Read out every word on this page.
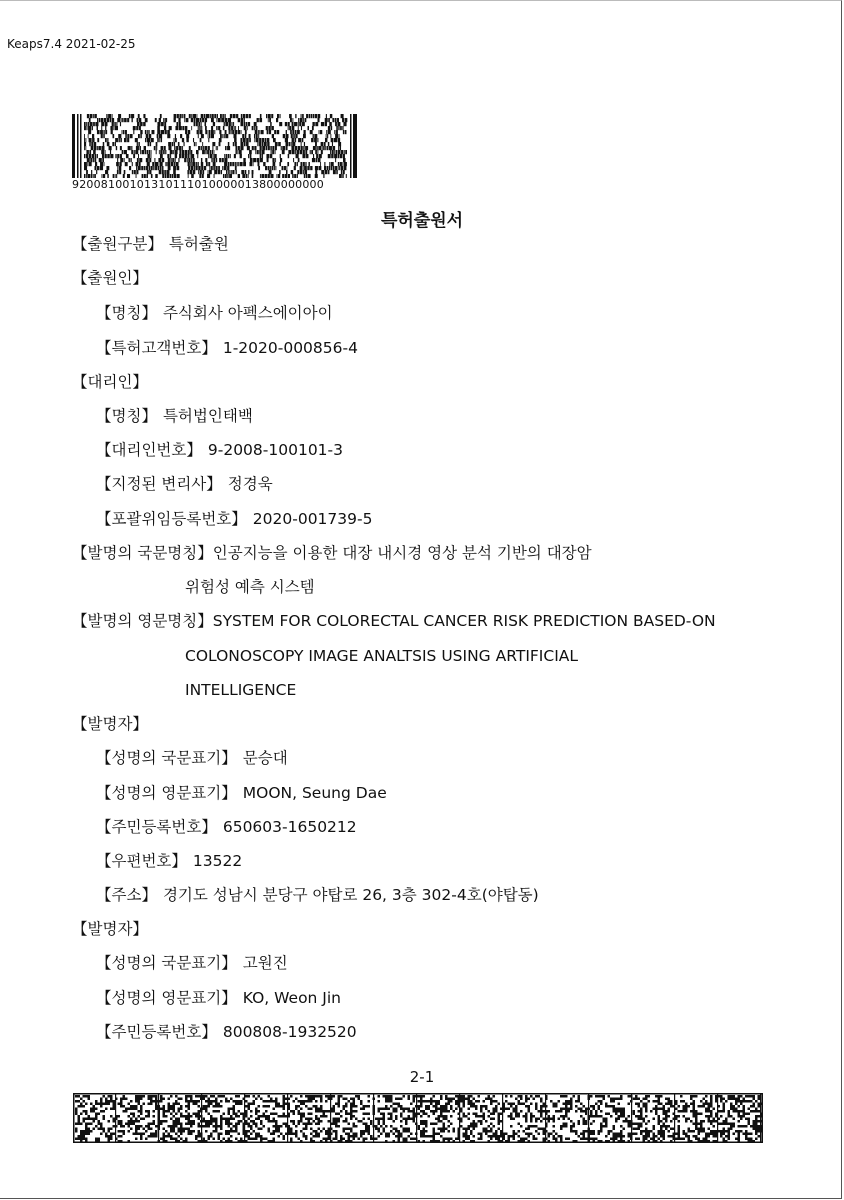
Keaps7.4 2021-02-25
92008100101310111010000013800000000
특허출원서
【출원구분】 특허출원
【출원인】
【명칭】 주식회사 아펙스에이아이
【특허고객번호】 1-2020-000856-4
【대리인】
【명칭】 특허법인태백
【대리인번호】 9-2008-100101-3
【지정된 변리사】 정경욱
【포괄위임등록번호】 2020-001739-5
【발명의 국문명칭】인공지능을 이용한 대장 내시경 영상 분석 기반의 대장암
위험성 예측 시스템
【발명의 영문명칭】SYSTEM FOR COLORECTAL CANCER RISK PREDICTION BASED-ON
COLONOSCOPY IMAGE ANALTSIS USING ARTIFICIAL
INTELLIGENCE
【발명자】
【성명의 국문표기】 문승대
【성명의 영문표기】 MOON, Seung Dae
【주민등록번호】 650603-1650212
【우편번호】 13522
【주소】 경기도 성남시 분당구 야탑로 26, 3층 302-4호(야탑동)
【발명자】
【성명의 국문표기】 고원진
【성명의 영문표기】 KO, Weon Jin
【주민등록번호】 800808-1932520
2-1
